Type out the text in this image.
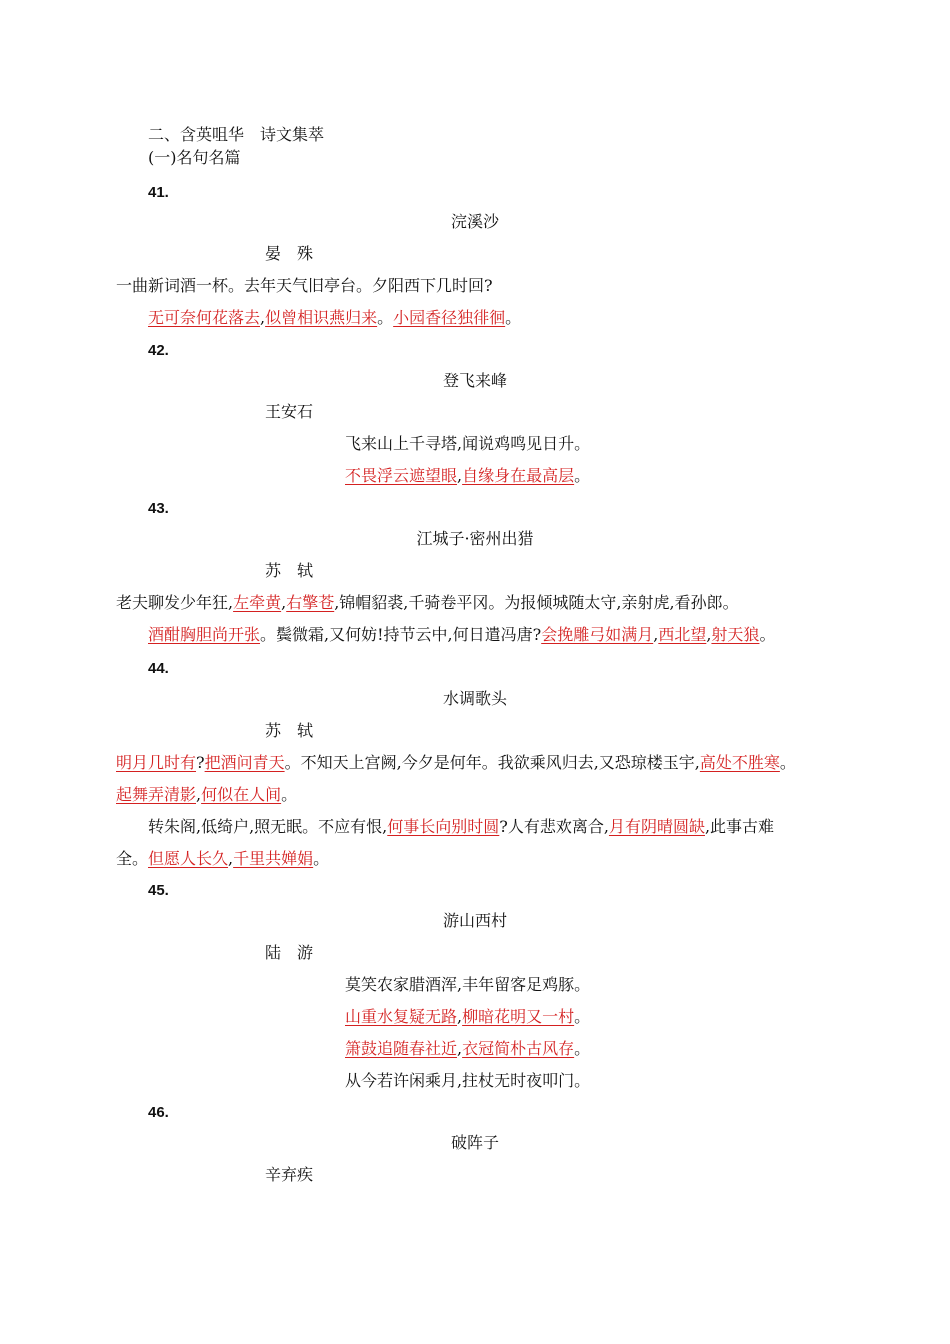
二、含英咀华　诗文集萃
(一)名句名篇
41.
浣溪沙
晏　殊
一曲新词酒一杯。去年天气旧亭台。夕阳西下几时回?
无可奈何花落去,似曾相识燕归来。小园香径独徘徊。
42.
登飞来峰
王安石
飞来山上千寻塔,闻说鸡鸣见日升。
不畏浮云遮望眼,自缘身在最高层。
43.
江城子·密州出猎
苏　轼
老夫聊发少年狂,左牵黄,右擎苍,锦帽貂裘,千骑卷平冈。为报倾城随太守,亲射虎,看孙郎。
酒酣胸胆尚开张。鬓微霜,又何妨!持节云中,何日遣冯唐?会挽雕弓如满月,西北望,射天狼。
44.
水调歌头
苏　轼
明月几时有?把酒问青天。不知天上宫阙,今夕是何年。我欲乘风归去,又恐琼楼玉宇,高处不胜寒。
起舞弄清影,何似在人间。
转朱阁,低绮户,照无眠。不应有恨,何事长向别时圆?人有悲欢离合,月有阴晴圆缺,此事古难
全。但愿人长久,千里共婵娟。
45.
游山西村
陆　游
莫笑农家腊酒浑,丰年留客足鸡豚。
山重水复疑无路,柳暗花明又一村。
箫鼓追随春社近,衣冠简朴古风存。
从今若许闲乘月,拄杖无时夜叩门。
46.
破阵子
辛弃疾
